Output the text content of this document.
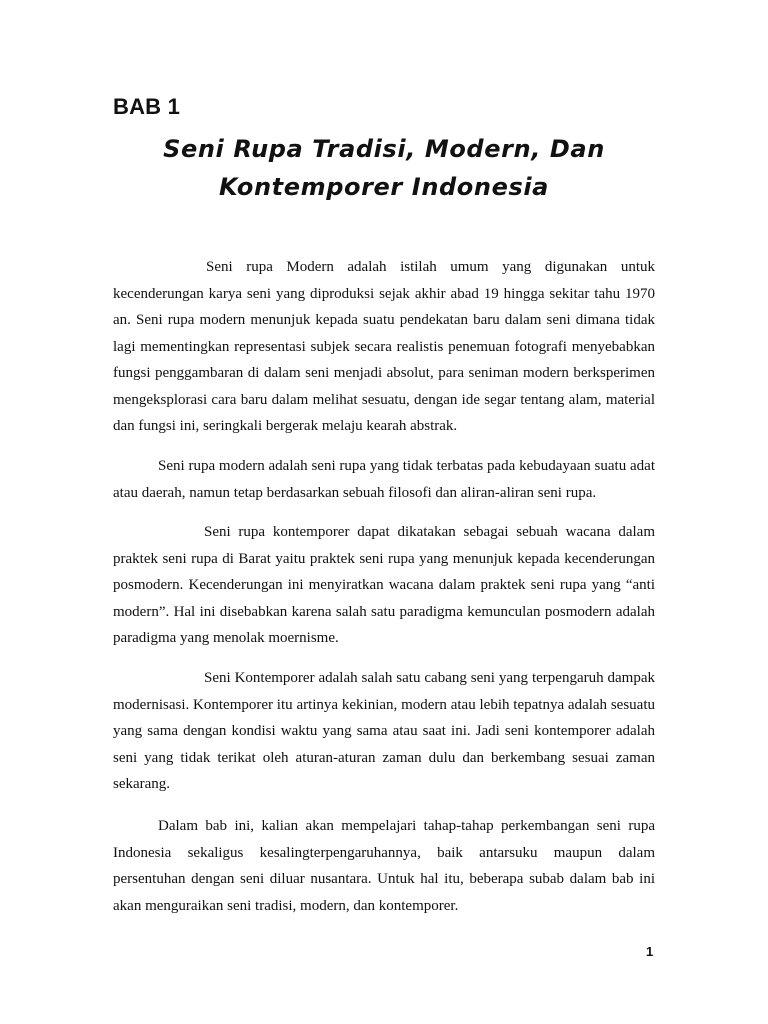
BAB 1
Seni Rupa Tradisi, Modern, Dan
Kontemporer Indonesia

Seni rupa Modern adalah istilah umum yang digunakan untuk kecenderungan karya seni yang diproduksi sejak akhir abad 19 hingga sekitar tahu 1970 an. Seni rupa modern menunjuk kepada suatu pendekatan baru dalam seni dimana tidak lagi mementingkan representasi subjek secara realistis penemuan fotografi menyebabkan fungsi penggambaran di dalam seni menjadi absolut, para seniman modern berksperimen mengeksplorasi cara baru dalam melihat sesuatu, dengan ide segar tentang alam, material dan fungsi ini, seringkali bergerak melaju kearah abstrak.

Seni rupa modern adalah seni rupa yang tidak terbatas pada kebudayaan suatu adat atau daerah, namun tetap berdasarkan sebuah filosofi dan aliran-aliran seni rupa.

Seni rupa kontemporer dapat dikatakan sebagai sebuah wacana dalam praktek seni rupa di Barat yaitu praktek seni rupa yang menunjuk kepada kecenderungan posmodern. Kecenderungan ini menyiratkan wacana dalam praktek seni rupa yang “anti modern”. Hal ini disebabkan karena salah satu paradigma kemunculan posmodern adalah paradigma yang menolak moernisme.

Seni Kontemporer adalah salah satu cabang seni yang terpengaruh dampak modernisasi. Kontemporer itu artinya kekinian, modern atau lebih tepatnya adalah sesuatu yang sama dengan kondisi waktu yang sama atau saat ini. Jadi seni kontemporer adalah seni yang tidak terikat oleh aturan-aturan zaman dulu dan berkembang sesuai zaman sekarang.

Dalam bab ini, kalian akan mempelajari tahap-tahap perkembangan seni rupa Indonesia sekaligus kesalingterpengaruhannya, baik antarsuku maupun dalam persentuhan dengan seni diluar nusantara. Untuk hal itu, beberapa subab dalam bab ini akan menguraikan seni tradisi, modern, dan kontemporer.

1
